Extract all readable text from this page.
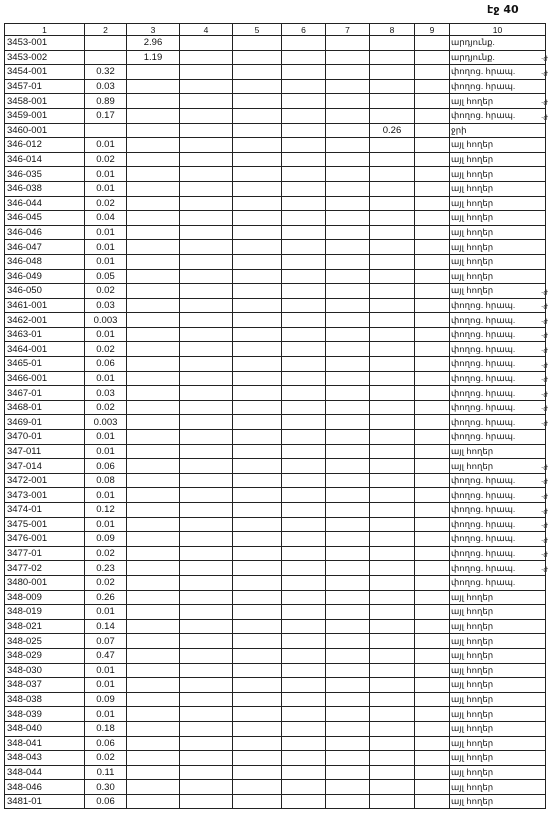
էջ 40
1	2	3	4	5	6	7	8	9	10
3453-001		2.96							արդյունք.
3453-002		1.19							արդյունք.
3454-001	0.32								փողոց. հրապ.
3457-01	0.03								փողոց. հրապ.
3458-001	0.89								այլ հողեր
3459-001	0.17								փողոց. հրապ.
3460-001							0.26		ջրի
346-012	0.01								այլ հողեր
346-014	0.02								այլ հողեր
346-035	0.01								այլ հողեր
346-038	0.01								այլ հողեր
346-044	0.02								այլ հողեր
346-045	0.04								այլ հողեր
346-046	0.01								այլ հողեր
346-047	0.01								այլ հողեր
346-048	0.01								այլ հողեր
346-049	0.05								այլ հողեր
346-050	0.02								այլ հողեր
3461-001	0.03								փողոց. հրապ.
3462-001	0.003								փողոց. հրապ.
3463-01	0.01								փողոց. հրապ.
3464-001	0.02								փողոց. հրապ.
3465-01	0.06								փողոց. հրապ.
3466-001	0.01								փողոց. հրապ.
3467-01	0.03								փողոց. հրապ.
3468-01	0.02								փողոց. հրապ.
3469-01	0.003								փողոց. հրապ.
3470-01	0.01								փողոց. հրապ.
347-011	0.01								այլ հողեր
347-014	0.06								այլ հողեր
3472-001	0.08								փողոց. հրապ.
3473-001	0.01								փողոց. հրապ.
3474-01	0.12								փողոց. հրապ.
3475-001	0.01								փողոց. հրապ.
3476-001	0.09								փողոց. հրապ.
3477-01	0.02								փողոց. հրապ.
3477-02	0.23								փողոց. հրապ.
3480-001	0.02								փողոց. հրապ.
348-009	0.26								այլ հողեր
348-019	0.01								այլ հողեր
348-021	0.14								այլ հողեր
348-025	0.07								այլ հողեր
348-029	0.47								այլ հողեր
348-030	0.01								այլ հողեր
348-037	0.01								այլ հողեր
348-038	0.09								այլ հողեր
348-039	0.01								այլ հողեր
348-040	0.18								այլ հողեր
348-041	0.06								այլ հողեր
348-043	0.02								այլ հողեր
348-044	0.11								այլ հողեր
348-046	0.30								այլ հողեր
3481-01	0.06								այլ հողեր
·ժ
·ժ
·ժ
·ժ
·ժ
·ժ
·ժ
·ժ
·ժ
·ժ
·ժ
·ժ
·ժ
·ժ
·ժ
·ժ
·ժ
·ժ
·ժ
·ժ
·ժ
·ժ
